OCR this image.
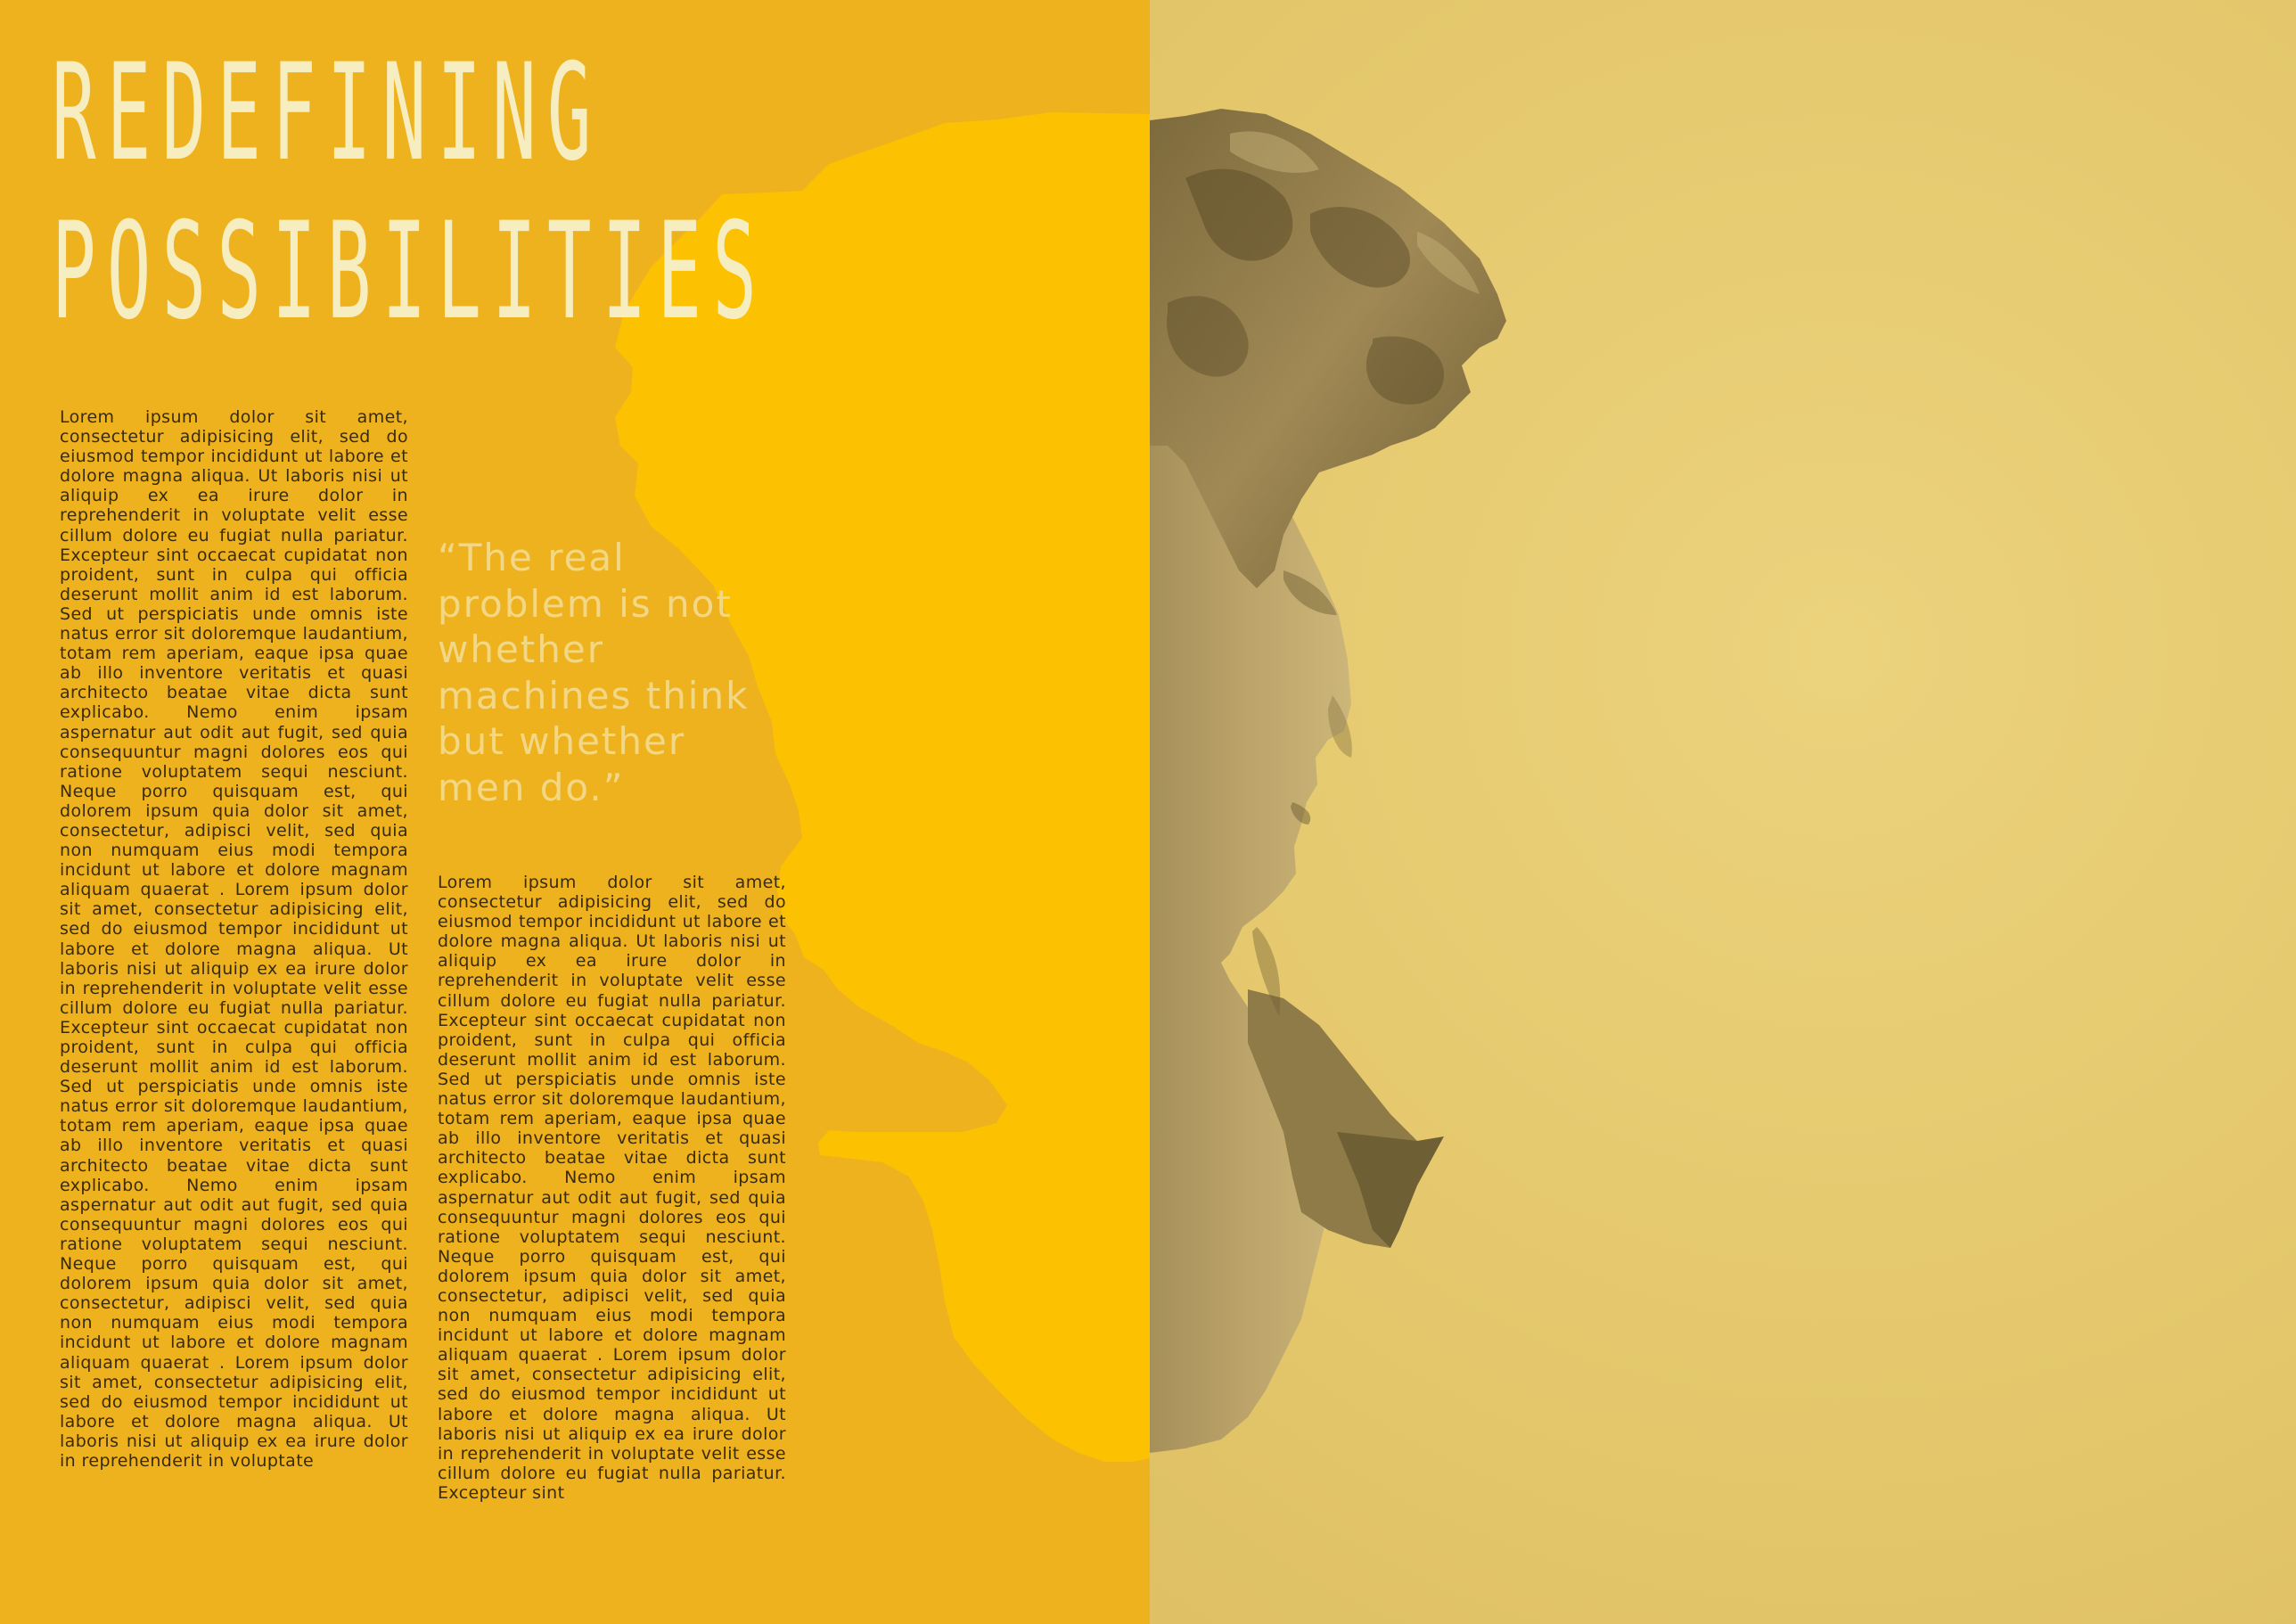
REDEFINING
POSSIBILITIES
Lorem ipsum dolor sit amet, consectetur adipisicing elit, sed do eiusmod tempor incididunt ut labore et dolore magna aliqua. Ut laboris nisi ut aliquip ex ea irure dolor in reprehenderit in voluptate velit esse cillum dolore eu fugiat nulla pariatur. Excepteur sint occaecat cupidatat non proident, sunt in culpa qui officia deserunt mollit anim id est laborum. Sed ut perspiciatis unde omnis iste natus error sit doloremque laudantium, totam rem aperiam, eaque ipsa quae ab illo inventore veritatis et quasi architecto beatae vitae dicta sunt explicabo. Nemo enim ipsam aspernatur aut odit aut fugit, sed quia consequuntur magni dolores eos qui ratione voluptatem sequi nesciunt. Neque porro quisquam est, qui dolorem ipsum quia dolor sit amet, consectetur, adipisci velit, sed quia non numquam eius modi tempora incidunt ut labore et dolore magnam aliquam quaerat . Lorem ipsum dolor sit amet, consectetur adipisicing elit, sed do eiusmod tempor incididunt ut labore et dolore magna aliqua. Ut laboris nisi ut aliquip ex ea irure dolor in reprehenderit in voluptate velit esse cillum dolore eu fugiat nulla pariatur. Excepteur sint occaecat cupidatat non proident, sunt in culpa qui officia deserunt mollit anim id est laborum. Sed ut perspiciatis unde omnis iste natus error sit doloremque laudantium, totam rem aperiam, eaque ipsa quae ab illo inventore veritatis et quasi architecto beatae vitae dicta sunt explicabo. Nemo enim ipsam aspernatur aut odit aut fugit, sed quia consequuntur magni dolores eos qui ratione voluptatem sequi nesciunt. Neque porro quisquam est, qui dolorem ipsum quia dolor sit amet, consectetur, adipisci velit, sed quia non numquam eius modi tempora incidunt ut labore et dolore magnam aliquam quaerat . Lorem ipsum dolor sit amet, consectetur adipisicing elit, sed do eiusmod tempor incididunt ut labore et dolore magna aliqua. Ut laboris nisi ut aliquip ex ea irure dolor in reprehenderit in voluptate
“The real problem is not whether machines think but whether men do.”
Lorem ipsum dolor sit amet, consectetur adipisicing elit, sed do eiusmod tempor incididunt ut labore et dolore magna aliqua. Ut laboris nisi ut aliquip ex ea irure dolor in reprehenderit in voluptate velit esse cillum dolore eu fugiat nulla pariatur. Excepteur sint occaecat cupidatat non proident, sunt in culpa qui officia deserunt mollit anim id est laborum. Sed ut perspiciatis unde omnis iste natus error sit doloremque laudantium, totam rem aperiam, eaque ipsa quae ab illo inventore veritatis et quasi architecto beatae vitae dicta sunt explicabo. Nemo enim ipsam aspernatur aut odit aut fugit, sed quia consequuntur magni dolores eos qui ratione voluptatem sequi nesciunt. Neque porro quisquam est, qui dolorem ipsum quia dolor sit amet, consectetur, adipisci velit, sed quia non numquam eius modi tempora incidunt ut labore et dolore magnam aliquam quaerat . Lorem ipsum dolor sit amet, consectetur adipisicing elit, sed do eiusmod tempor incididunt ut labore et dolore magna aliqua. Ut laboris nisi ut aliquip ex ea irure dolor in reprehenderit in voluptate velit esse cillum dolore eu fugiat nulla pariatur. Excepteur sint
